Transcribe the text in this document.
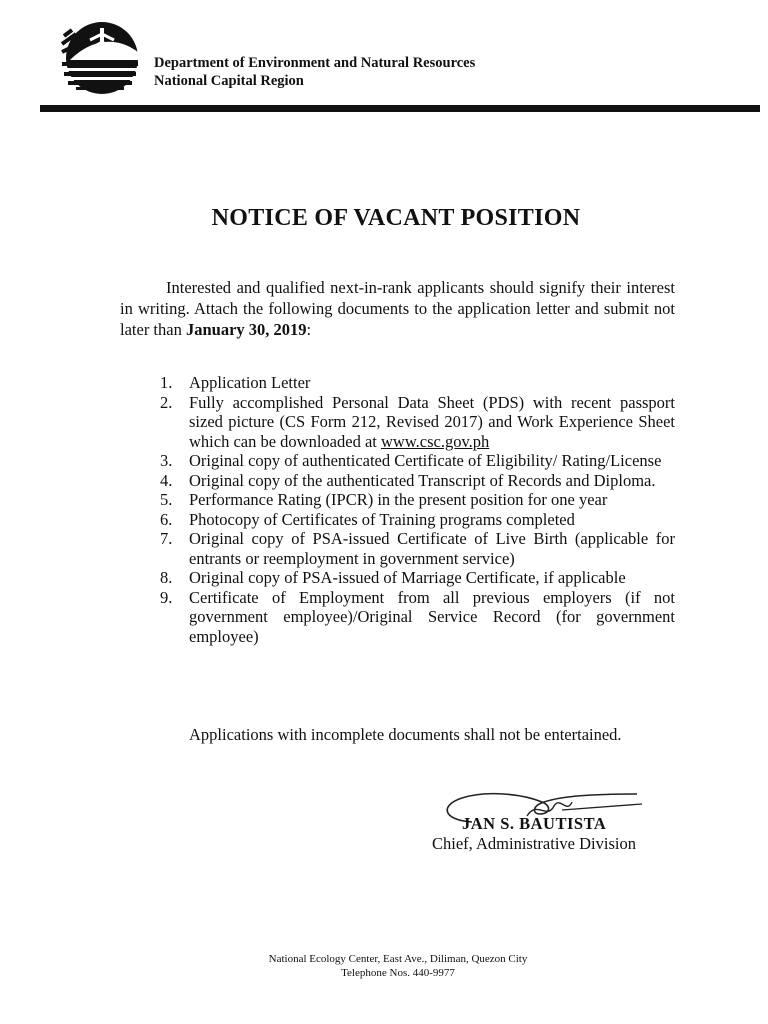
Department of Environment and Natural Resources
National Capital Region
NOTICE OF VACANT POSITION
Interested and qualified next-in-rank applicants should signify their interest in writing. Attach the following documents to the application letter and submit not later than January 30, 2019:
1.	Application Letter
2.	Fully accomplished Personal Data Sheet (PDS) with recent passport sized picture (CS Form 212, Revised 2017) and Work Experience Sheet which can be downloaded at www.csc.gov.ph
3.	Original copy of authenticated Certificate of Eligibility/ Rating/License
4.	Original copy of the authenticated Transcript of Records and Diploma.
5.	Performance Rating (IPCR) in the present position for one year
6.	Photocopy of Certificates of Training programs completed
7.	Original copy of PSA-issued Certificate of Live Birth (applicable for entrants or reemployment in government service)
8.	Original copy of PSA-issued of Marriage Certificate, if applicable
9.	Certificate of Employment from all previous employers (if not government employee)/Original Service Record (for government employee)
Applications with incomplete documents shall not be entertained.
JAN S. BAUTISTA
Chief, Administrative Division
National Ecology Center, East Ave., Diliman, Quezon City
Telephone Nos. 440-9977
